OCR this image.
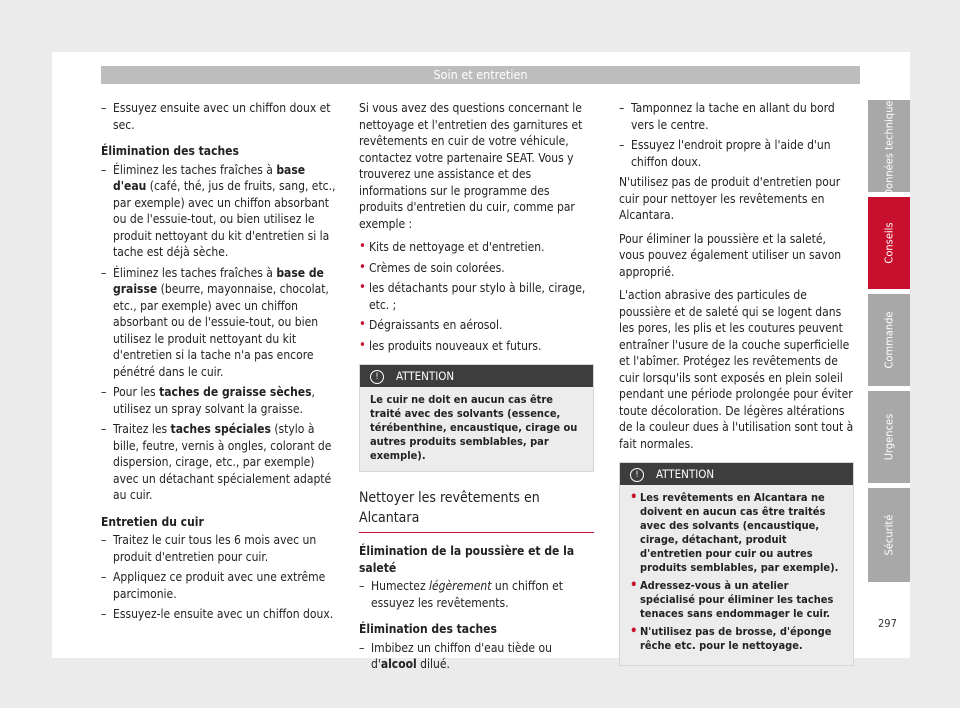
Soin et entretien
– Essuyez ensuite avec un chiffon doux et sec.
Élimination des taches
– Éliminez les taches fraîches à base d'eau (café, thé, jus de fruits, sang, etc., par exemple) avec un chiffon absorbant ou de l'essuie-tout, ou bien utilisez le produit nettoyant du kit d'entretien si la tache est déjà sèche.
– Éliminez les taches fraîches à base de graisse (beurre, mayonnaise, chocolat, etc., par exemple) avec un chiffon absorbant ou de l'essuie-tout, ou bien utilisez le produit nettoyant du kit d'entretien si la tache n'a pas encore pénétré dans le cuir.
– Pour les taches de graisse sèches, utilisez un spray solvant la graisse.
– Traitez les taches spéciales (stylo à bille, feutre, vernis à ongles, colorant de dispersion, cirage, etc., par exemple) avec un détachant spécialement adapté au cuir.
Entretien du cuir
– Traitez le cuir tous les 6 mois avec un produit d'entretien pour cuir.
– Appliquez ce produit avec une extrême parcimonie.
– Essuyez-le ensuite avec un chiffon doux.

Si vous avez des questions concernant le nettoyage et l'entretien des garnitures et revêtements en cuir de votre véhicule, contactez votre partenaire SEAT. Vous y trouverez une assistance et des informations sur le programme des produits d'entretien du cuir, comme par exemple :

• Kits de nettoyage et d'entretien.
• Crèmes de soin colorées.
• les détachants pour stylo à bille, cirage, etc. ;
• Dégraissants en aérosol.
• les produits nouveaux et futurs.
! ATTENTION
Le cuir ne doit en aucun cas être traité avec des solvants (essence, térébenthine, encaustique, cirage ou autres produits semblables, par exemple).
Nettoyer les revêtements en Alcantara
Élimination de la poussière et de la saleté
– Humectez légèrement un chiffon et essuyez les revêtements.
Élimination des taches
– Imbibez un chiffon d'eau tiède ou d'alcool dilué.
– Tamponnez la tache en allant du bord vers le centre.
– Essuyez l'endroit propre à l'aide d'un chiffon doux.

N'utilisez pas de produit d'entretien pour cuir pour nettoyer les revêtements en Alcantara.

Pour éliminer la poussière et la saleté, vous pouvez également utiliser un savon approprié.

L'action abrasive des particules de poussière et de saleté qui se logent dans les pores, les plis et les coutures peuvent entraîner l'usure de la couche superficielle et l'abîmer. Protégez les revêtements de cuir lorsqu'ils sont exposés en plein soleil pendant une période prolongée pour éviter toute décoloration. De légères altérations de la couleur dues à l'utilisation sont tout à fait normales.

! ATTENTION
• Les revêtements en Alcantara ne doivent en aucun cas être traités avec des solvants (encaustique, cirage, détachant, produit d'entretien pour cuir ou autres produits semblables, par exemple).
• Adressez-vous à un atelier spécialisé pour éliminer les taches tenaces sans endommager le cuir.
• N'utilisez pas de brosse, d'éponge rêche etc. pour le nettoyage.
Données techniques
Conseils
Commande
Urgences
Sécurité
297
